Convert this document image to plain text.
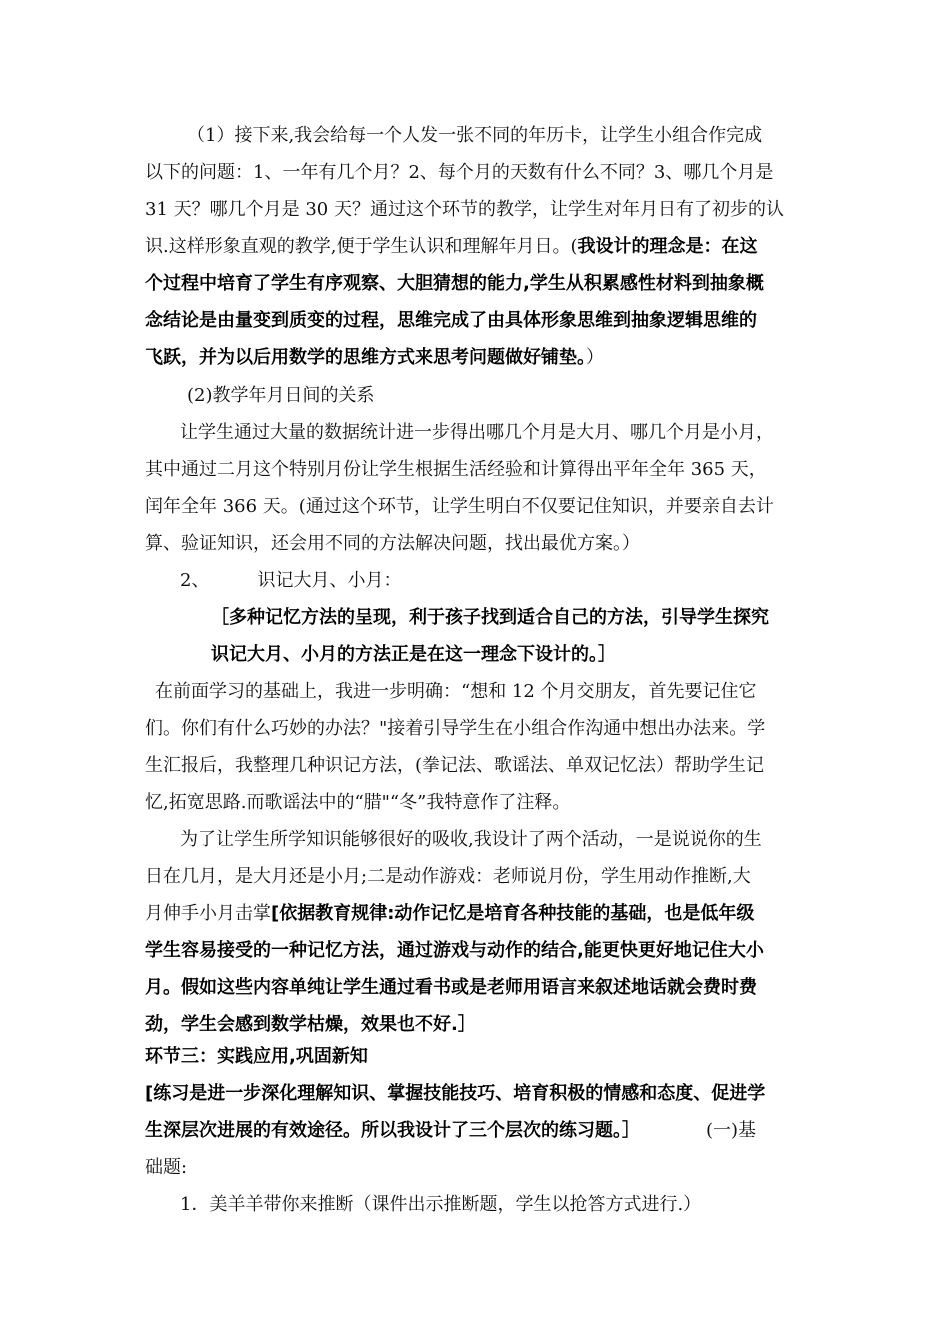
（1）接下来,我会给每一个人发一张不同的年历卡，让学生小组合作完成
以下的问题：1、一年有几个月？2、每个月的天数有什么不同？3、哪几个月是
31 天？哪几个月是 30 天？通过这个环节的教学，让学生对年月日有了初步的认
识.这样形象直观的教学,便于学生认识和理解年月日。(我设计的理念是：在这
个过程中培育了学生有序观察、大胆猜想的能力,学生从积累感性材料到抽象概
念结论是由量变到质变的过程，思维完成了由具体形象思维到抽象逻辑思维的
飞跃，并为以后用数学的思维方式来思考问题做好铺垫。）
(2)教学年月日间的关系
让学生通过大量的数据统计进一步得出哪几个月是大月、哪几个月是小月，
其中通过二月这个特别月份让学生根据生活经验和计算得出平年全年 365 天，
闰年全年 366 天。(通过这个环节，让学生明白不仅要记住知识，并要亲自去计
算、验证知识，还会用不同的方法解决问题，找出最优方案。）
2、	识记大月、小月：
［多种记忆方法的呈现，利于孩子找到适合自己的方法，引导学生探究
识记大月、小月的方法正是在这一理念下设计的。］
在前面学习的基础上，我进一步明确：“想和 12 个月交朋友，首先要记住它
们。你们有什么巧妙的办法？"接着引导学生在小组合作沟通中想出办法来。学
生汇报后，我整理几种识记方法，(拳记法、歌谣法、单双记忆法）帮助学生记
忆,拓宽思路.而歌谣法中的“腊"“冬”我特意作了注释。
为了让学生所学知识能够很好的吸收,我设计了两个活动，一是说说你的生
日在几月，是大月还是小月;二是动作游戏：老师说月份，学生用动作推断,大
月伸手小月击掌[依据教育规律:动作记忆是培育各种技能的基础，也是低年级
学生容易接受的一种记忆方法，通过游戏与动作的结合,能更快更好地记住大小
月。假如这些内容单纯让学生通过看书或是老师用语言来叙述地话就会费时费
劲，学生会感到数学枯燥，效果也不好.］
环节三：实践应用,巩固新知
[练习是进一步深化理解知识、掌握技能技巧、培育积极的情感和态度、促进学
生深层次进展的有效途径。所以我设计了三个层次的练习题。］	(一)基
础题:
1．美羊羊带你来推断（课件出示推断题，学生以抢答方式进行.）
